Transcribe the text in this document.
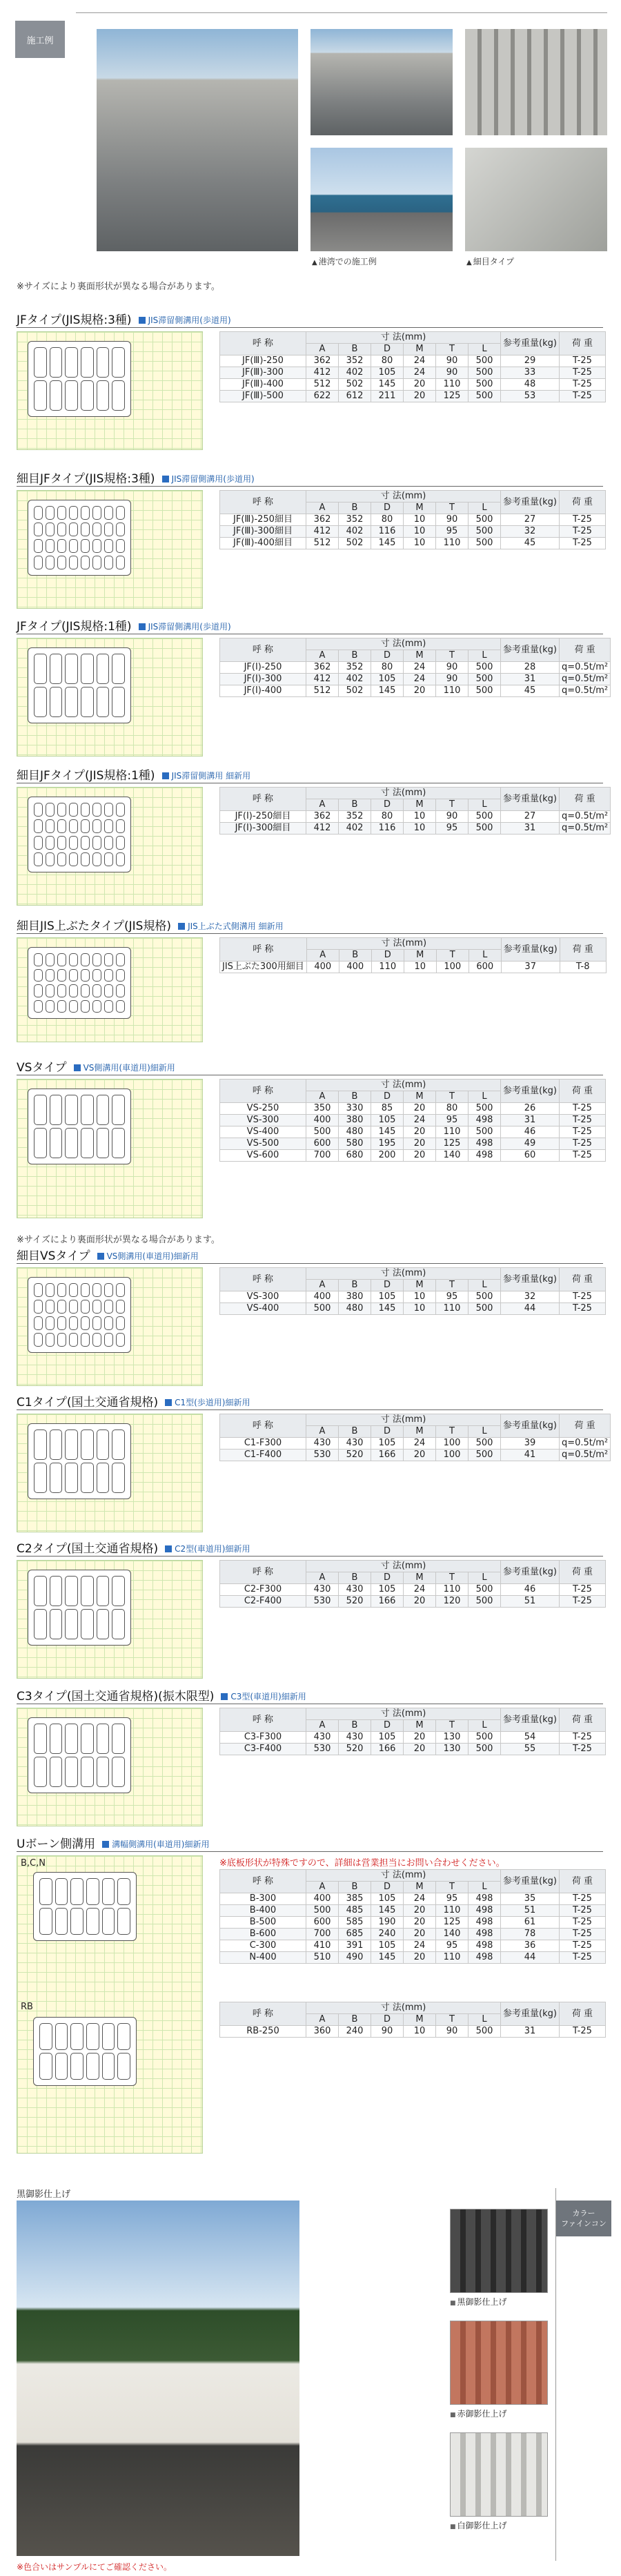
施工例
▲ 港湾での施工例	▲ 細目タイプ
※サイズにより裏面形状が異なる場合があります。
JFタイプ(JIS規格:3種)	JIS滞留側溝用(歩道用)
呼 称	寸 法(mm)						参考重量(kg)	荷 重
	A	B	D	M	T	L		
JF(Ⅲ)-250	362	352	80	24	90	500	29	T-25
JF(Ⅲ)-300	412	402	105	24	90	500	33	T-25
JF(Ⅲ)-400	512	502	145	20	110	500	48	T-25
JF(Ⅲ)-500	622	612	211	20	125	500	53	T-25
細目JFタイプ(JIS規格:3種)	JIS滞留側溝用(歩道用)
呼 称	寸 法(mm)						参考重量(kg)	荷 重
	A	B	D	M	T	L		
JF(Ⅲ)-250細目	362	352	80	10	90	500	27	T-25
JF(Ⅲ)-300細目	412	402	116	10	95	500	32	T-25
JF(Ⅲ)-400細目	512	502	145	10	110	500	45	T-25
JFタイプ(JIS規格:1種)	JIS滞留側溝用(歩道用)
呼 称	寸 法(mm)						参考重量(kg)	荷 重
	A	B	D	M	T	L		
JF(Ⅰ)-250	362	352	80	24	90	500	28	q=0.5t/m²
JF(Ⅰ)-300	412	402	105	24	90	500	31	q=0.5t/m²
JF(Ⅰ)-400	512	502	145	20	110	500	45	q=0.5t/m²
細目JFタイプ(JIS規格:1種)	JIS滞留側溝用 細新用
呼 称	寸 法(mm)						参考重量(kg)	荷 重
	A	B	D	M	T	L		
JF(Ⅰ)-250細目	362	352	80	10	90	500	27	q=0.5t/m²
JF(Ⅰ)-300細目	412	402	116	10	95	500	31	q=0.5t/m²
細目JIS上ぶたタイプ(JIS規格)	JIS上ぶた式側溝用 細新用
呼 称	寸 法(mm)						参考重量(kg)	荷 重
	A	B	D	M	T	L		
JIS上ぶた300用細目	400	400	110	10	100	600	37	T-8
VSタイプ	VS側溝用(車道用)細新用
呼 称	寸 法(mm)						参考重量(kg)	荷 重
	A	B	D	M	T	L		
VS-250	350	330	85	20	80	500	26	T-25
VS-300	400	380	105	24	95	498	31	T-25
VS-400	500	480	145	20	110	500	46	T-25
VS-500	600	580	195	20	125	498	49	T-25
VS-600	700	680	200	20	140	498	60	T-25
細目VSタイプ	VS側溝用(車道用)細新用
呼 称	寸 法(mm)						参考重量(kg)	荷 重
	A	B	D	M	T	L		
VS-300	400	380	105	10	95	500	32	T-25
VS-400	500	480	145	10	110	500	44	T-25
C1タイプ(国土交通省規格)	C1型(歩道用)細新用
呼 称	寸 法(mm)						参考重量(kg)	荷 重
	A	B	D	M	T	L		
C1-F300	430	430	105	24	100	500	39	q=0.5t/m²
C1-F400	530	520	166	20	100	500	41	q=0.5t/m²
C2タイプ(国土交通省規格)	C2型(車道用)細新用
呼 称	寸 法(mm)						参考重量(kg)	荷 重
	A	B	D	M	T	L		
C2-F300	430	430	105	24	110	500	46	T-25
C2-F400	530	520	166	20	120	500	51	T-25
C3タイプ(国土交通省規格)(振木限型)	C3型(車道用)細新用
呼 称	寸 法(mm)						参考重量(kg)	荷 重
	A	B	D	M	T	L		
C3-F300	430	430	105	20	130	500	54	T-25
C3-F400	530	520	166	20	130	500	55	T-25
Uボーン側溝用	溝幅側溝用(車道用)細新用
B,C,N
RB
※底板形状が特殊ですので、詳細は営業担当にお問い合わせください。
呼 称	寸 法(mm)						参考重量(kg)	荷 重
	A	B	D	M	T	L		
B-300	400	385	105	24	95	498	35	T-25
B-400	500	485	145	20	110	498	51	T-25
B-500	600	585	190	20	125	498	61	T-25
B-600	700	685	240	20	140	498	78	T-25
C-300	410	391	105	24	95	498	36	T-25
N-400	510	490	145	20	110	498	44	T-25
呼 称	寸 法(mm)						参考重量(kg)	荷 重
	A	B	D	M	T	L		
RB-250	360	240	90	10	90	500	31	T-25
※サイズにより裏面形状が異なる場合があります。
黒御影仕上げ
カラー
ファインコン
■ 黒御影仕上げ
■ 赤御影仕上げ
■ 白御影仕上げ
※色合いはサンプルにてご確認ください。
